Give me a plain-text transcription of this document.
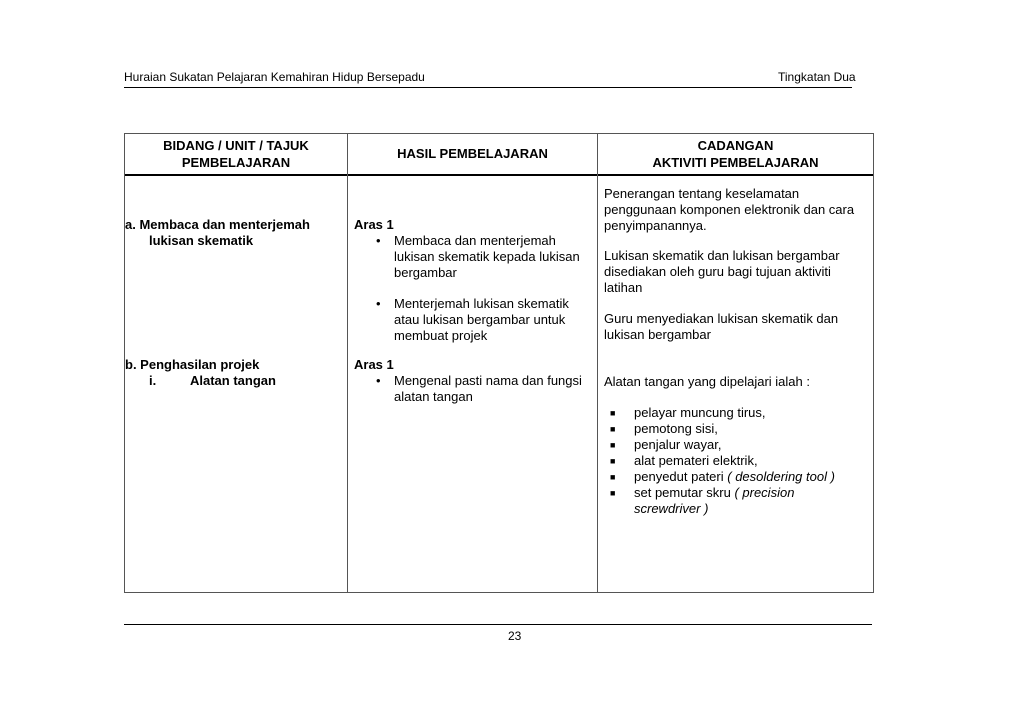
Huraian Sukatan Pelajaran Kemahiran Hidup Bersepadu	Tingkatan Dua
BIDANG / UNIT / TAJUK
PEMBELAJARAN
HASIL PEMBELAJARAN
CADANGAN
AKTIVITI PEMBELAJARAN
a. Membaca dan menterjemah
lukisan skematik
b. Penghasilan projek
i.	Alatan tangan
Aras 1
• Membaca dan menterjemah
lukisan skematik kepada lukisan
bergambar
• Menterjemah lukisan skematik
atau lukisan bergambar untuk
membuat projek
Aras 1
• Mengenal pasti nama dan fungsi
alatan tangan
Penerangan tentang keselamatan
penggunaan komponen elektronik dan cara
penyimpanannya.
Lukisan skematik dan lukisan bergambar
disediakan oleh guru bagi tujuan aktiviti
latihan
Guru menyediakan lukisan skematik dan
lukisan bergambar
Alatan tangan yang dipelajari ialah :
■ pelayar muncung tirus,
■ pemotong sisi,
■ penjalur wayar,
■ alat pemateri elektrik,
■ penyedut pateri ( desoldering tool )
■ set pemutar skru ( precision
screwdriver )
23
